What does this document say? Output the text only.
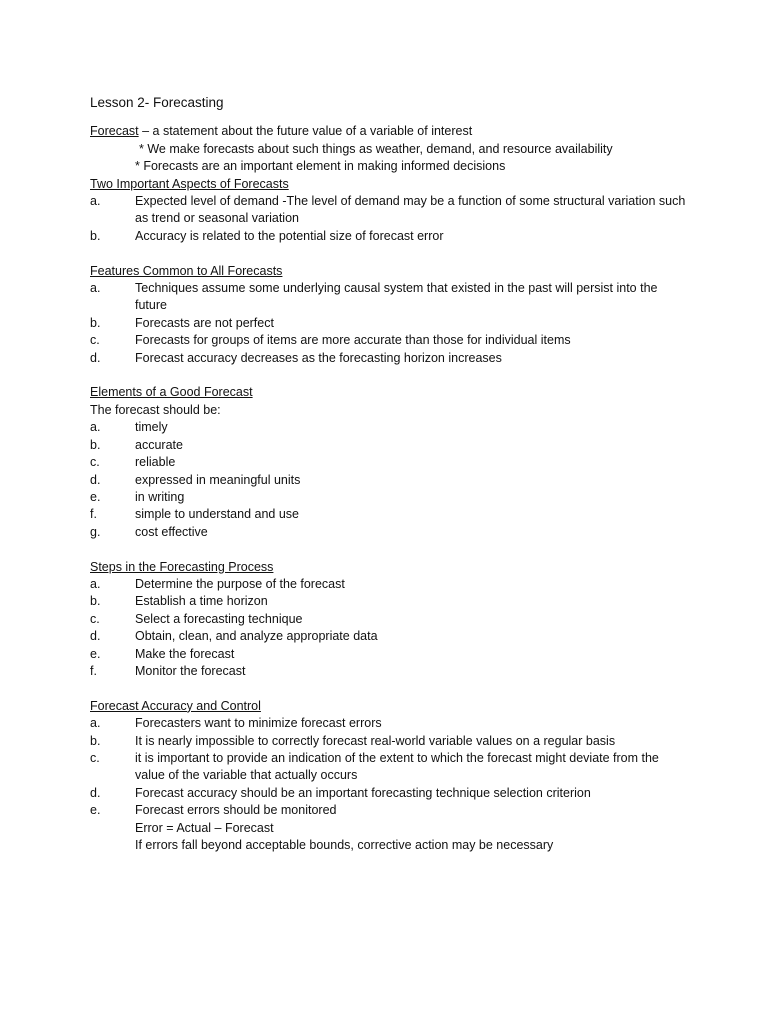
Lesson 2- Forecasting
Forecast – a statement about the future value of a variable of interest
* We make forecasts about such things as weather, demand, and resource availability
* Forecasts are an important element in making informed decisions
Two Important Aspects of Forecasts
a.	Expected level of demand -The level of demand may be a function of some structural variation such as trend or seasonal variation
b.	Accuracy is related to the potential size of forecast error
Features Common to All Forecasts
a.	Techniques assume some underlying causal system that existed in the past will persist into the future
b.	Forecasts are not perfect
c.	Forecasts for groups of items are more accurate than those for individual items
d.	Forecast accuracy decreases as the forecasting horizon increases
Elements of a Good Forecast
The forecast should be:
a.	timely
b.	accurate
c.	reliable
d.	expressed in meaningful units
e.	in writing
f.	simple to understand and use
g.	cost effective
Steps in the Forecasting Process
a.	Determine the purpose of the forecast
b.	Establish a time horizon
c.	Select a forecasting technique
d.	Obtain, clean, and analyze appropriate data
e.	Make the forecast
f.	Monitor the forecast
Forecast Accuracy and Control
a.	Forecasters want to minimize forecast errors
b.	It is nearly impossible to correctly forecast real-world variable values on a regular basis
c.	it is important to provide an indication of the extent to which the forecast might deviate from the value of the variable that actually occurs
d.	Forecast accuracy should be an important forecasting technique selection criterion
e.	Forecast errors should be monitored
Error = Actual – Forecast
If errors fall beyond acceptable bounds, corrective action may be necessary
